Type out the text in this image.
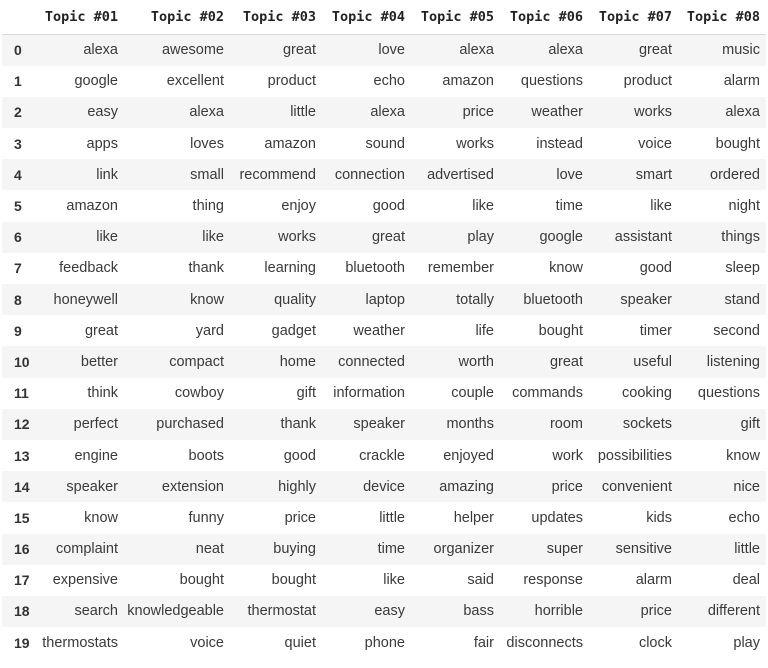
	Topic #01	Topic #02	Topic #03	Topic #04	Topic #05	Topic #06	Topic #07	Topic #08
0	alexa	awesome	great	love	alexa	alexa	great	music
1	google	excellent	product	echo	amazon	questions	product	alarm
2	easy	alexa	little	alexa	price	weather	works	alexa
3	apps	loves	amazon	sound	works	instead	voice	bought
4	link	small	recommend	connection	advertised	love	smart	ordered
5	amazon	thing	enjoy	good	like	time	like	night
6	like	like	works	great	play	google	assistant	things
7	feedback	thank	learning	bluetooth	remember	know	good	sleep
8	honeywell	know	quality	laptop	totally	bluetooth	speaker	stand
9	great	yard	gadget	weather	life	bought	timer	second
10	better	compact	home	connected	worth	great	useful	listening
11	think	cowboy	gift	information	couple	commands	cooking	questions
12	perfect	purchased	thank	speaker	months	room	sockets	gift
13	engine	boots	good	crackle	enjoyed	work	possibilities	know
14	speaker	extension	highly	device	amazing	price	convenient	nice
15	know	funny	price	little	helper	updates	kids	echo
16	complaint	neat	buying	time	organizer	super	sensitive	little
17	expensive	bought	bought	like	said	response	alarm	deal
18	search	knowledgeable	thermostat	easy	bass	horrible	price	different
19	thermostats	voice	quiet	phone	fair	disconnects	clock	play
